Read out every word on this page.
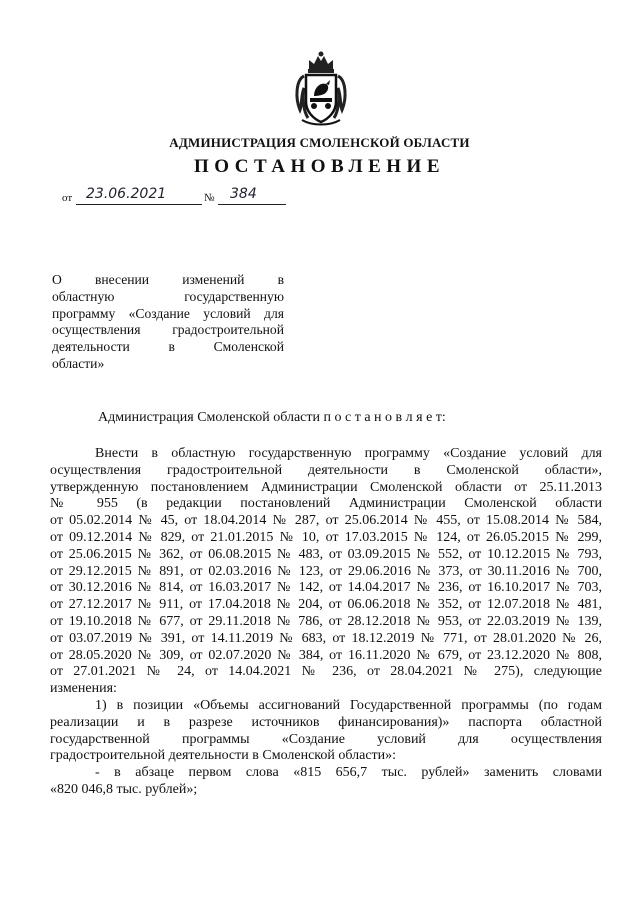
АДМИНИСТРАЦИЯ СМОЛЕНСКОЙ ОБЛАСТИ
ПОСТАНОВЛЕНИЕ
от 23.06.2021	№ 384
О внесении изменений в
областную государственную
программу «Создание условий для
осуществления градостроительной
деятельности в Смоленской
области»
Администрация Смоленской области п о с т а н о в л я е т:
Внести в областную государственную программу «Создание условий для
осуществления градостроительной деятельности в Смоленской области»,
утвержденную постановлением Администрации Смоленской области от 25.11.2013
№ 955 (в редакции постановлений Администрации Смоленской области
от 05.02.2014 № 45, от 18.04.2014 № 287, от 25.06.2014 № 455, от 15.08.2014 № 584,
от 09.12.2014 № 829, от 21.01.2015 № 10, от 17.03.2015 № 124, от 26.05.2015 № 299,
от 25.06.2015 № 362, от 06.08.2015 № 483, от 03.09.2015 № 552, от 10.12.2015 № 793,
от 29.12.2015 № 891, от 02.03.2016 № 123, от 29.06.2016 № 373, от 30.11.2016 № 700,
от 30.12.2016 № 814, от 16.03.2017 № 142, от 14.04.2017 № 236, от 16.10.2017 № 703,
от 27.12.2017 № 911, от 17.04.2018 № 204, от 06.06.2018 № 352, от 12.07.2018 № 481,
от 19.10.2018 № 677, от 29.11.2018 № 786, от 28.12.2018 № 953, от 22.03.2019 № 139,
от 03.07.2019 № 391, от 14.11.2019 № 683, от 18.12.2019 № 771, от 28.01.2020 № 26,
от 28.05.2020 № 309, от 02.07.2020 № 384, от 16.11.2020 № 679, от 23.12.2020 № 808,
от 27.01.2021 № 24, от 14.04.2021 № 236, от 28.04.2021 № 275), следующие
изменения:
1) в позиции «Объемы ассигнований Государственной программы (по годам
реализации и в разрезе источников финансирования)» паспорта областной
государственной программы «Создание условий для осуществления
градостроительной деятельности в Смоленской области»:
- в абзаце первом слова «815 656,7 тыс. рублей» заменить словами
«820 046,8 тыс. рублей»;
